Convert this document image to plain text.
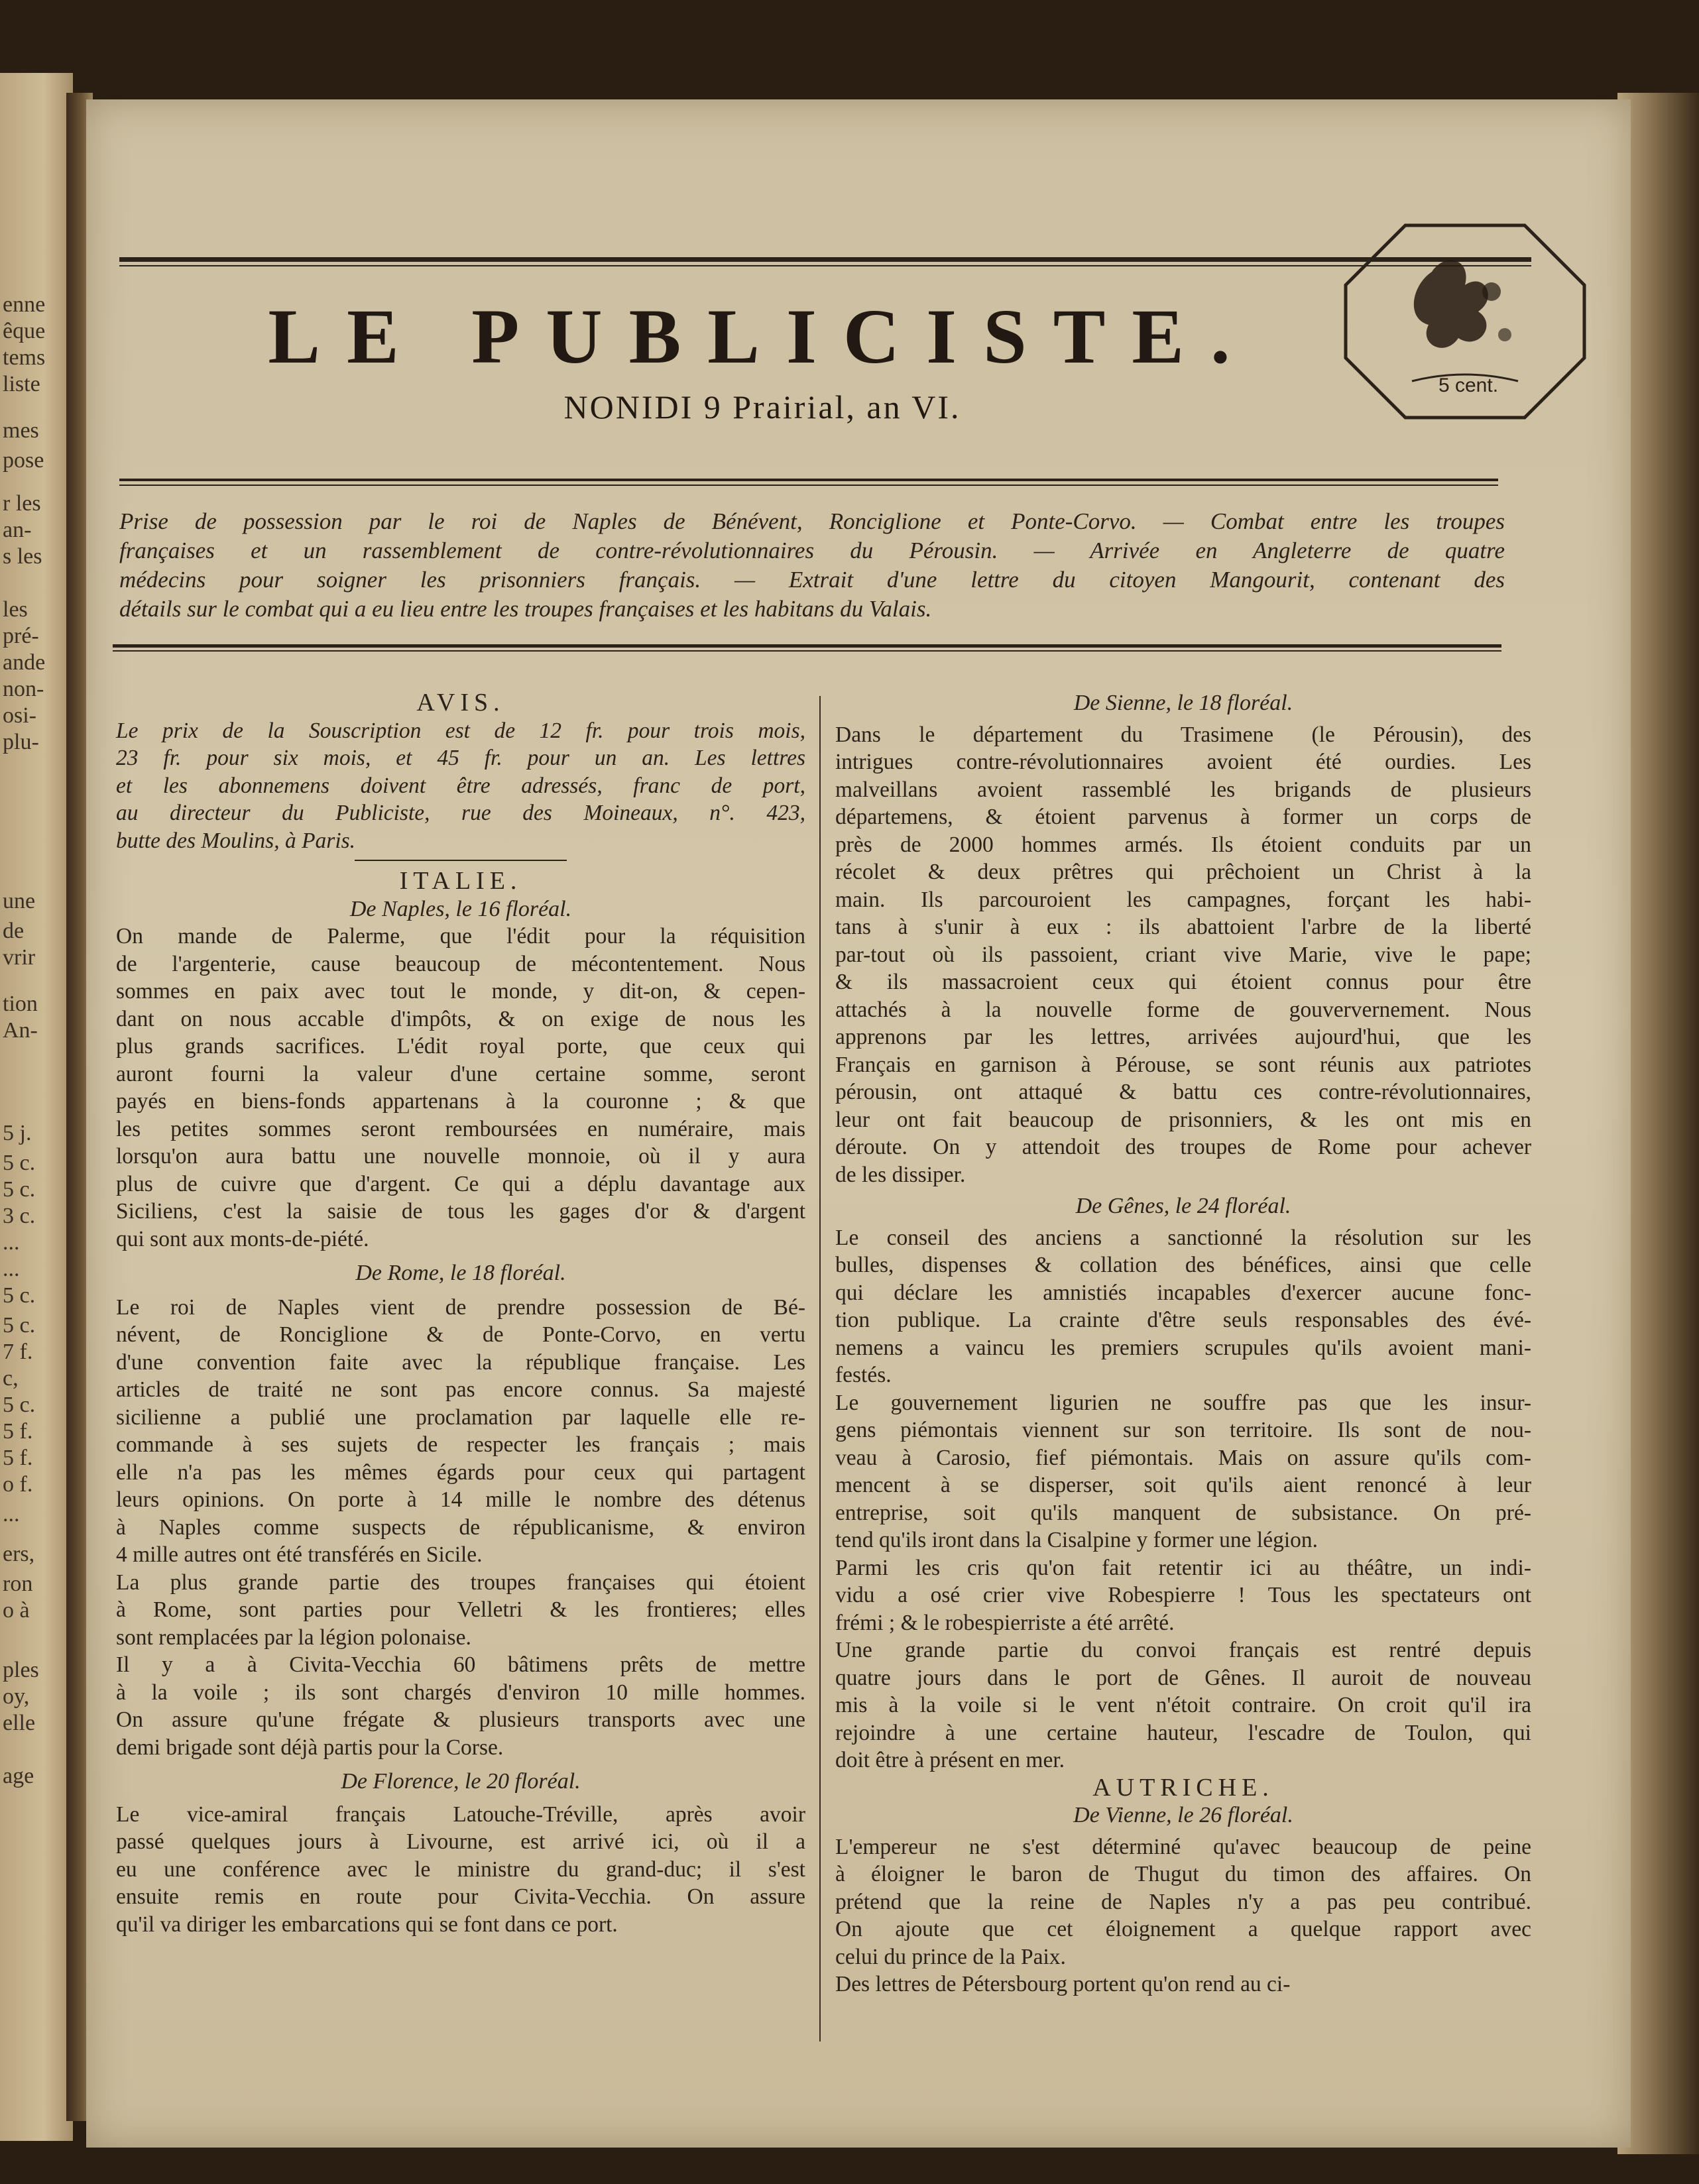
enne
êque
tems
liste
mes
pose
r les
an-
s les
les
pré-
ande
non-
osi-
plu-
une
de
vrir
tion
An-
5 j.
5 c.
5 c.
3 c.
...
...
5 c.
5 c.
7 f.
c,
5 c.
5 f.
5 f.
o f.
...
ers,
ron
o à
ples
oy,
elle
age
LE PUBLICISTE.
NONIDI 9 Prairial, an VI.
5 cent.
Prise de possession par le roi de Naples de Bénévent, Ronciglione et Ponte-Corvo. — Combat entre les troupes
françaises et un rassemblement de contre-révolutionnaires du Pérousin. — Arrivée en Angleterre de quatre
médecins pour soigner les prisonniers français. — Extrait d'une lettre du citoyen Mangourit, contenant des
détails sur le combat qui a eu lieu entre les troupes françaises et les habitans du Valais.
AVIS.
Le prix de la Souscription est de 12 fr. pour trois mois,
23 fr. pour six mois, et 45 fr. pour un an. Les lettres
et les abonnemens doivent être adressés, franc de port,
au directeur du Publiciste, rue des Moineaux, n°. 423,
butte des Moulins, à Paris.
ITALIE.
De Naples, le 16 floréal.
On mande de Palerme, que l'édit pour la réquisition
de l'argenterie, cause beaucoup de mécontentement. Nous
sommes en paix avec tout le monde, y dit-on, & cepen-
dant on nous accable d'impôts, & on exige de nous les
plus grands sacrifices. L'édit royal porte, que ceux qui
auront fourni la valeur d'une certaine somme, seront
payés en biens-fonds appartenans à la couronne ; & que
les petites sommes seront remboursées en numéraire, mais
lorsqu'on aura battu une nouvelle monnoie, où il y aura
plus de cuivre que d'argent. Ce qui a déplu davantage aux
Siciliens, c'est la saisie de tous les gages d'or & d'argent
qui sont aux monts-de-piété.
De Rome, le 18 floréal.
Le roi de Naples vient de prendre possession de Bé-
névent, de Ronciglione & de Ponte-Corvo, en vertu
d'une convention faite avec la république française. Les
articles de traité ne sont pas encore connus. Sa majesté
sicilienne a publié une proclamation par laquelle elle re-
commande à ses sujets de respecter les français ; mais
elle n'a pas les mêmes égards pour ceux qui partagent
leurs opinions. On porte à 14 mille le nombre des détenus
à Naples comme suspects de républicanisme, & environ
4 mille autres ont été transférés en Sicile.
La plus grande partie des troupes françaises qui étoient
à Rome, sont parties pour Velletri & les frontieres; elles
sont remplacées par la légion polonaise.
Il y a à Civita-Vecchia 60 bâtimens prêts de mettre
à la voile ; ils sont chargés d'environ 10 mille hommes.
On assure qu'une frégate & plusieurs transports avec une
demi brigade sont déjà partis pour la Corse.
De Florence, le 20 floréal.
Le vice-amiral français Latouche-Tréville, après avoir
passé quelques jours à Livourne, est arrivé ici, où il a
eu une conférence avec le ministre du grand-duc; il s'est
ensuite remis en route pour Civita-Vecchia. On assure
qu'il va diriger les embarcations qui se font dans ce port.
De Sienne, le 18 floréal.
Dans le département du Trasimene (le Pérousin), des
intrigues contre-révolutionnaires avoient été ourdies. Les
malveillans avoient rassemblé les brigands de plusieurs
départemens, & étoient parvenus à former un corps de
près de 2000 hommes armés. Ils étoient conduits par un
récolet & deux prêtres qui prêchoient un Christ à la
main. Ils parcouroient les campagnes, forçant les habi-
tans à s'unir à eux : ils abattoient l'arbre de la liberté
par-tout où ils passoient, criant vive Marie, vive le pape;
& ils massacroient ceux qui étoient connus pour être
attachés à la nouvelle forme de gouververnement. Nous
apprenons par les lettres, arrivées aujourd'hui, que les
Français en garnison à Pérouse, se sont réunis aux patriotes
pérousin, ont attaqué & battu ces contre-révolutionnaires,
leur ont fait beaucoup de prisonniers, & les ont mis en
déroute. On y attendoit des troupes de Rome pour achever
de les dissiper.
De Gênes, le 24 floréal.
Le conseil des anciens a sanctionné la résolution sur les
bulles, dispenses & collation des bénéfices, ainsi que celle
qui déclare les amnistiés incapables d'exercer aucune fonc-
tion publique. La crainte d'être seuls responsables des évé-
nemens a vaincu les premiers scrupules qu'ils avoient mani-
festés.
Le gouvernement ligurien ne souffre pas que les insur-
gens piémontais viennent sur son territoire. Ils sont de nou-
veau à Carosio, fief piémontais. Mais on assure qu'ils com-
mencent à se disperser, soit qu'ils aient renoncé à leur
entreprise, soit qu'ils manquent de subsistance. On pré-
tend qu'ils iront dans la Cisalpine y former une légion.
Parmi les cris qu'on fait retentir ici au théâtre, un indi-
vidu a osé crier vive Robespierre ! Tous les spectateurs ont
frémi ; & le robespierriste a été arrêté.
Une grande partie du convoi français est rentré depuis
quatre jours dans le port de Gênes. Il auroit de nouveau
mis à la voile si le vent n'étoit contraire. On croit qu'il ira
rejoindre à une certaine hauteur, l'escadre de Toulon, qui
doit être à présent en mer.
AUTRICHE.
De Vienne, le 26 floréal.
L'empereur ne s'est déterminé qu'avec beaucoup de peine
à éloigner le baron de Thugut du timon des affaires. On
prétend que la reine de Naples n'y a pas peu contribué.
On ajoute que cet éloignement a quelque rapport avec
celui du prince de la Paix.
Des lettres de Pétersbourg portent qu'on rend au ci-
